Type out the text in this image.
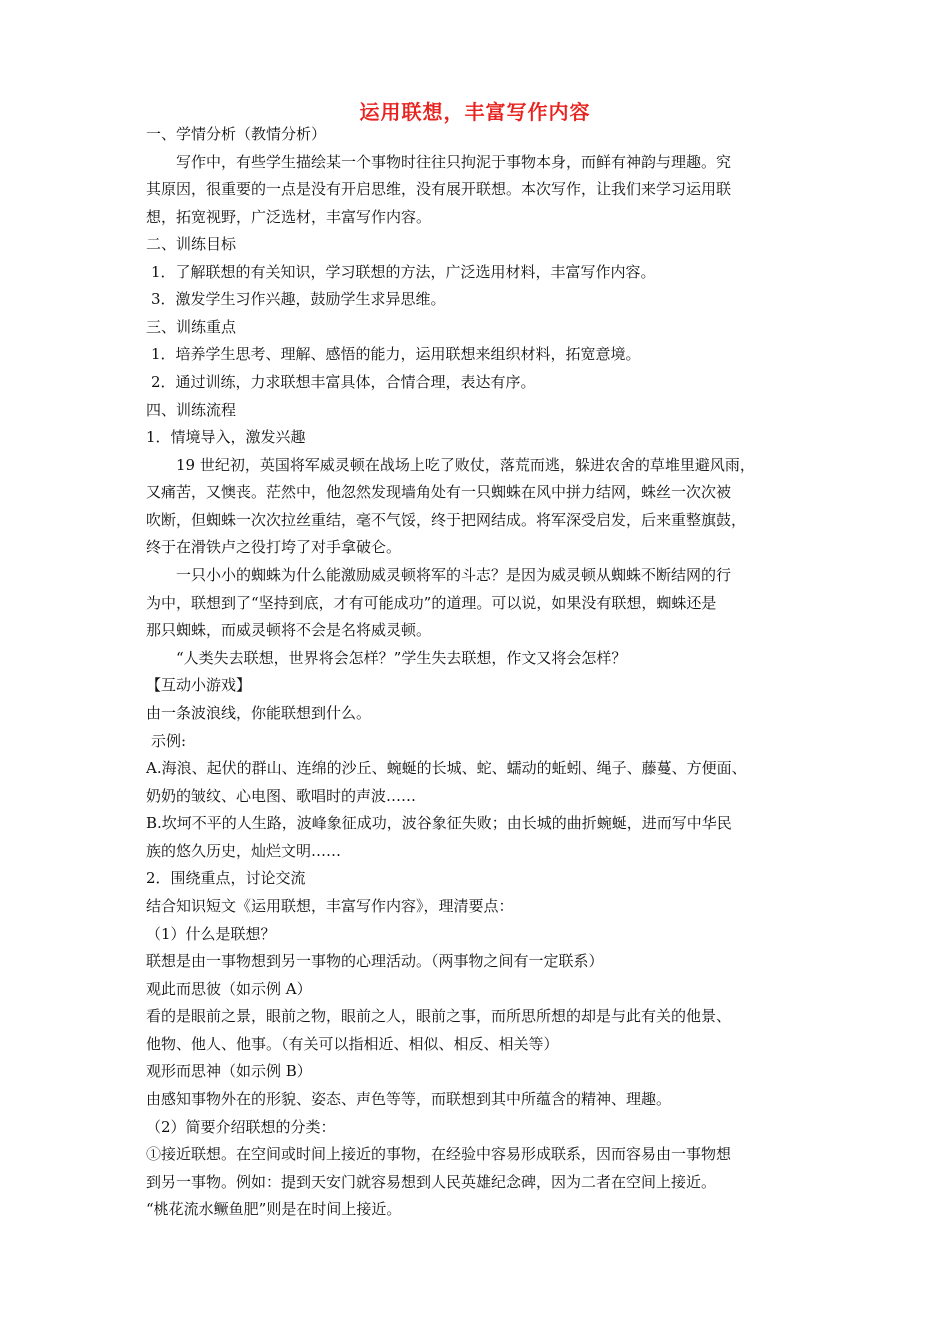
运用联想，丰富写作内容
一、学情分析（教情分析）
写作中，有些学生描绘某一个事物时往往只拘泥于事物本身，而鲜有神韵与理趣。究
其原因，很重要的一点是没有开启思维，没有展开联想。本次写作，让我们来学习运用联
想，拓宽视野，广泛选材，丰富写作内容。
二、训练目标
1．了解联想的有关知识，学习联想的方法，广泛选用材料，丰富写作内容。
3．激发学生习作兴趣，鼓励学生求异思维。
三、训练重点
1．培养学生思考、理解、感悟的能力，运用联想来组织材料，拓宽意境。
2．通过训练，力求联想丰富具体，合情合理，表达有序。
四、训练流程
1．情境导入，激发兴趣
19 世纪初，英国将军威灵顿在战场上吃了败仗，落荒而逃，躲进农舍的草堆里避风雨，
又痛苦，又懊丧。茫然中，他忽然发现墙角处有一只蜘蛛在风中拼力结网，蛛丝一次次被
吹断，但蜘蛛一次次拉丝重结，毫不气馁，终于把网结成。将军深受启发，后来重整旗鼓，
终于在滑铁卢之役打垮了对手拿破仑。
一只小小的蜘蛛为什么能激励威灵顿将军的斗志？是因为威灵顿从蜘蛛不断结网的行
为中，联想到了“坚持到底，才有可能成功”的道理。可以说，如果没有联想，蜘蛛还是
那只蜘蛛，而威灵顿将不会是名将威灵顿。
“人类失去联想，世界将会怎样？”学生失去联想，作文又将会怎样？
【互动小游戏】
由一条波浪线，你能联想到什么。
示例:
A.海浪、起伏的群山、连绵的沙丘、蜿蜒的长城、蛇、蠕动的蚯蚓、绳子、藤蔓、方便面、
奶奶的皱纹、心电图、歌唱时的声波……
B.坎坷不平的人生路，波峰象征成功，波谷象征失败；由长城的曲折蜿蜒，进而写中华民
族的悠久历史，灿烂文明……
2．围绕重点，讨论交流
结合知识短文《运用联想，丰富写作内容》，理清要点：
（1）什么是联想？
联想是由一事物想到另一事物的心理活动。（两事物之间有一定联系）
观此而思彼（如示例 A）
看的是眼前之景，眼前之物，眼前之人，眼前之事，而所思所想的却是与此有关的他景、
他物、他人、他事。（有关可以指相近、相似、相反、相关等）
观形而思神（如示例 B）
由感知事物外在的形貌、姿态、声色等等，而联想到其中所蕴含的精神、理趣。
（2）简要介绍联想的分类：
①接近联想。在空间或时间上接近的事物，在经验中容易形成联系，因而容易由一事物想
到另一事物。例如：提到天安门就容易想到人民英雄纪念碑，因为二者在空间上接近。
“桃花流水鳜鱼肥”则是在时间上接近。
